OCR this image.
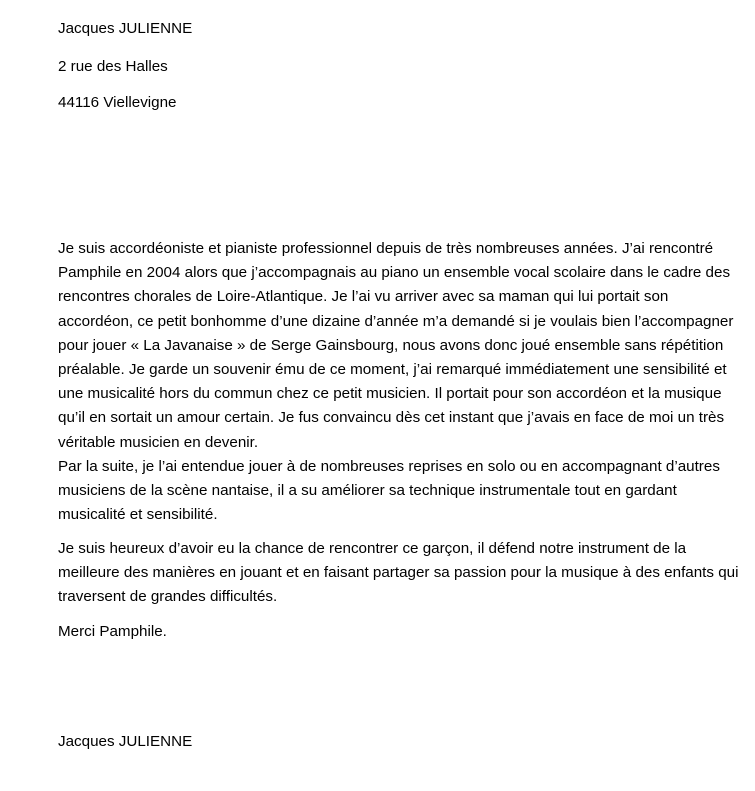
Jacques JULIENNE
2 rue des Halles
44116 Viellevigne
Je suis accordéoniste et pianiste professionnel depuis de très nombreuses années. J’ai rencontré
Pamphile en 2004 alors que j’accompagnais au piano un ensemble vocal scolaire dans le cadre des
rencontres chorales de Loire-Atlantique. Je l’ai vu arriver avec sa maman qui lui portait son
accordéon, ce petit bonhomme d’une dizaine d’année m’a demandé si je voulais bien l’accompagner
pour jouer « La Javanaise » de Serge Gainsbourg, nous avons donc joué ensemble sans répétition
préalable. Je garde un souvenir ému de ce moment, j’ai remarqué immédiatement une sensibilité et
une musicalité hors du commun chez ce petit musicien. Il portait pour son accordéon et la musique
qu’il en sortait un amour certain. Je fus convaincu dès cet instant que j’avais en face de moi un très
véritable musicien en devenir.
Par la suite, je l’ai entendue jouer à de nombreuses reprises en solo ou en accompagnant d’autres
musiciens de la scène nantaise, il a su améliorer sa technique instrumentale tout en gardant
musicalité et sensibilité.
Je suis heureux d’avoir eu la chance de rencontrer ce garçon, il défend notre instrument de la
meilleure des manières en jouant et en faisant partager sa passion pour la musique à des enfants qui
traversent de grandes difficultés.
Merci Pamphile.
Jacques JULIENNE
